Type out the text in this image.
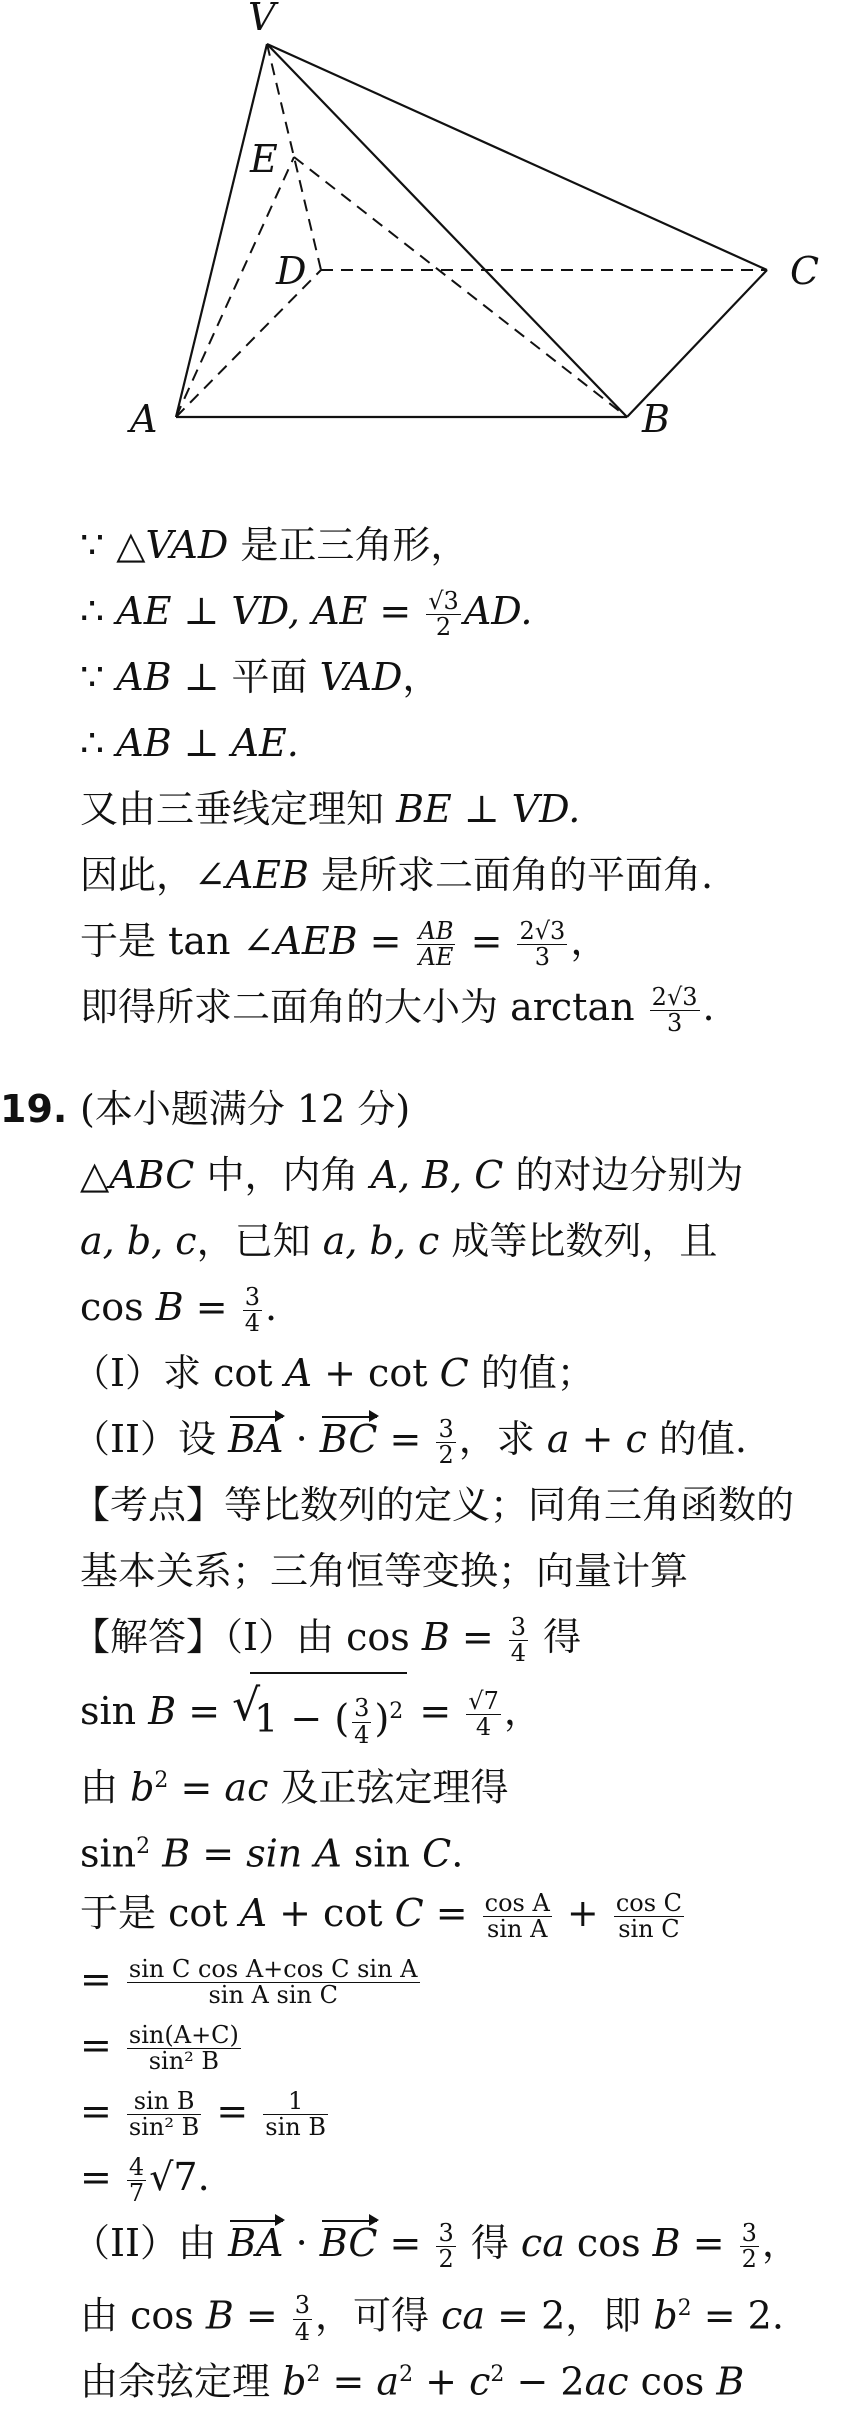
V
E
D	C
A	B
∵ △VAD 是正三角形，
∴ AE ⊥ VD, AE = $\frac{√3}{2}$ AD.
∵ AB ⊥ 平面 VAD，
∴ AB ⊥ AE.
又由三垂线定理知 BE ⊥ VD.
因此，∠AEB 是所求二面角的平面角.
于是 tan ∠AEB = $\frac{AB}{AE} = \frac{2√3}{3}$ ，
即得所求二面角的大小为 $\arctan \frac{2√3}{3}$ .
19. (本小题满分 12 分)
△ABC 中，内角 A, B, C 的对边分别为
a, b, c，已知 a, b, c 成等比数列，且
$\cos B = \frac{3}{4}$ .
（I）求 cot A + cot C 的值；
（II）设 BA · BC = $\frac{3}{2}$ ，求 a + c 的值.
【考点】等比数列的定义；同角三角函数的
基本关系；三角恒等变换；向量计算
【解答】（I）由 $\cos B = \frac{3}{4}$ 得
sin B = √ 1 − ( $\frac{3}{4} )^2 = \frac{√7}{4}$ ，
由 $b^2$ = ac 及正弦定理得
$\sin^2 B = \sin A$ sin C.
于是 $\cot A + \cot C = \frac{\text{cos A}}{\text{sin A}} + \frac{\text{cos C}}{\text{sin C}}$
= $\frac{\text{sin C cos A+cos C sin A}}{\text{sin A sin C}}$
= $\frac{\sin(A+C)}{\text{sin² B}}$
= $\frac{\text{sin B}}{\text{sin² B}} = \frac{1}{\text{sin B}}$
= $\frac{4}{7} √7$.
（II）由 BA · BC = $\frac{3}{2}$ 得 ca $\cos B = \frac{3}{2}$ ，
由 $\cos B = \frac{3}{4}$ ，可得 ca = 2，即 $b^2 = 2$.
由余弦定理 $b^2 = a^2 + c^2 - 2ac$ cos B
